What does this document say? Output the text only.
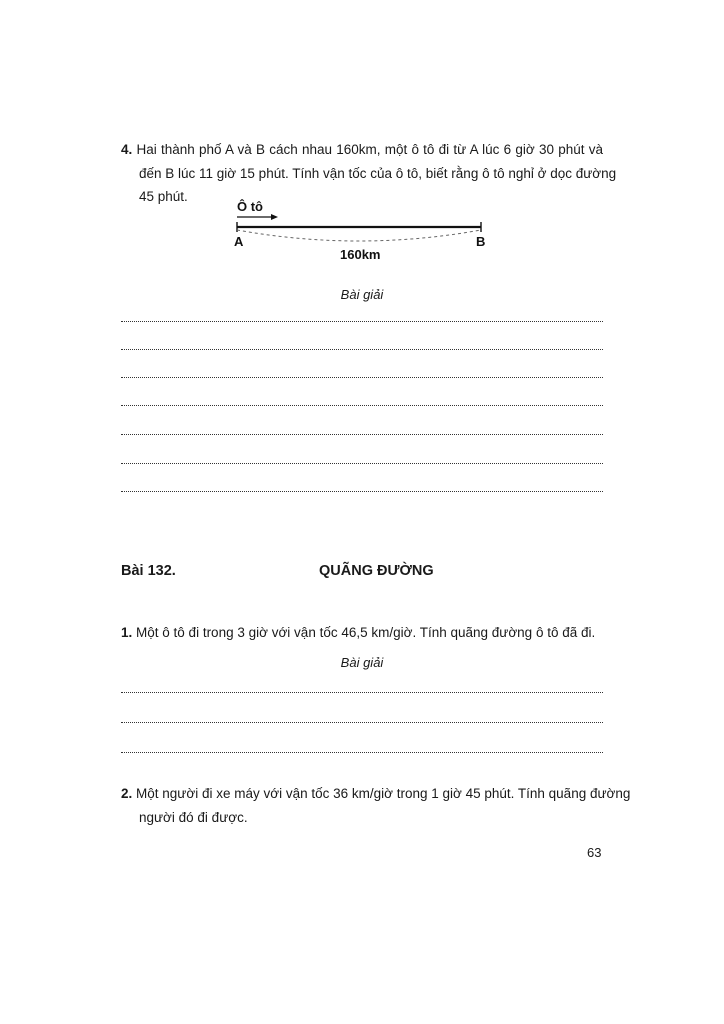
4. Hai thành phố A và B cách nhau 160km, một ô tô đi từ A lúc 6 giờ 30 phút và
đến B lúc 11 giờ 15 phút. Tính vận tốc của ô tô, biết rằng ô tô nghỉ ở dọc đường
45 phút.
Ô tô
A	B
160km
Bài giải
Bài 132.	QUÃNG ĐƯỜNG
1. Một ô tô đi trong 3 giờ với vận tốc 46,5 km/giờ. Tính quãng đường ô tô đã đi.
Bài giải
2. Một người đi xe máy với vận tốc 36 km/giờ trong 1 giờ 45 phút. Tính quãng đường
người đó đi được.
63
